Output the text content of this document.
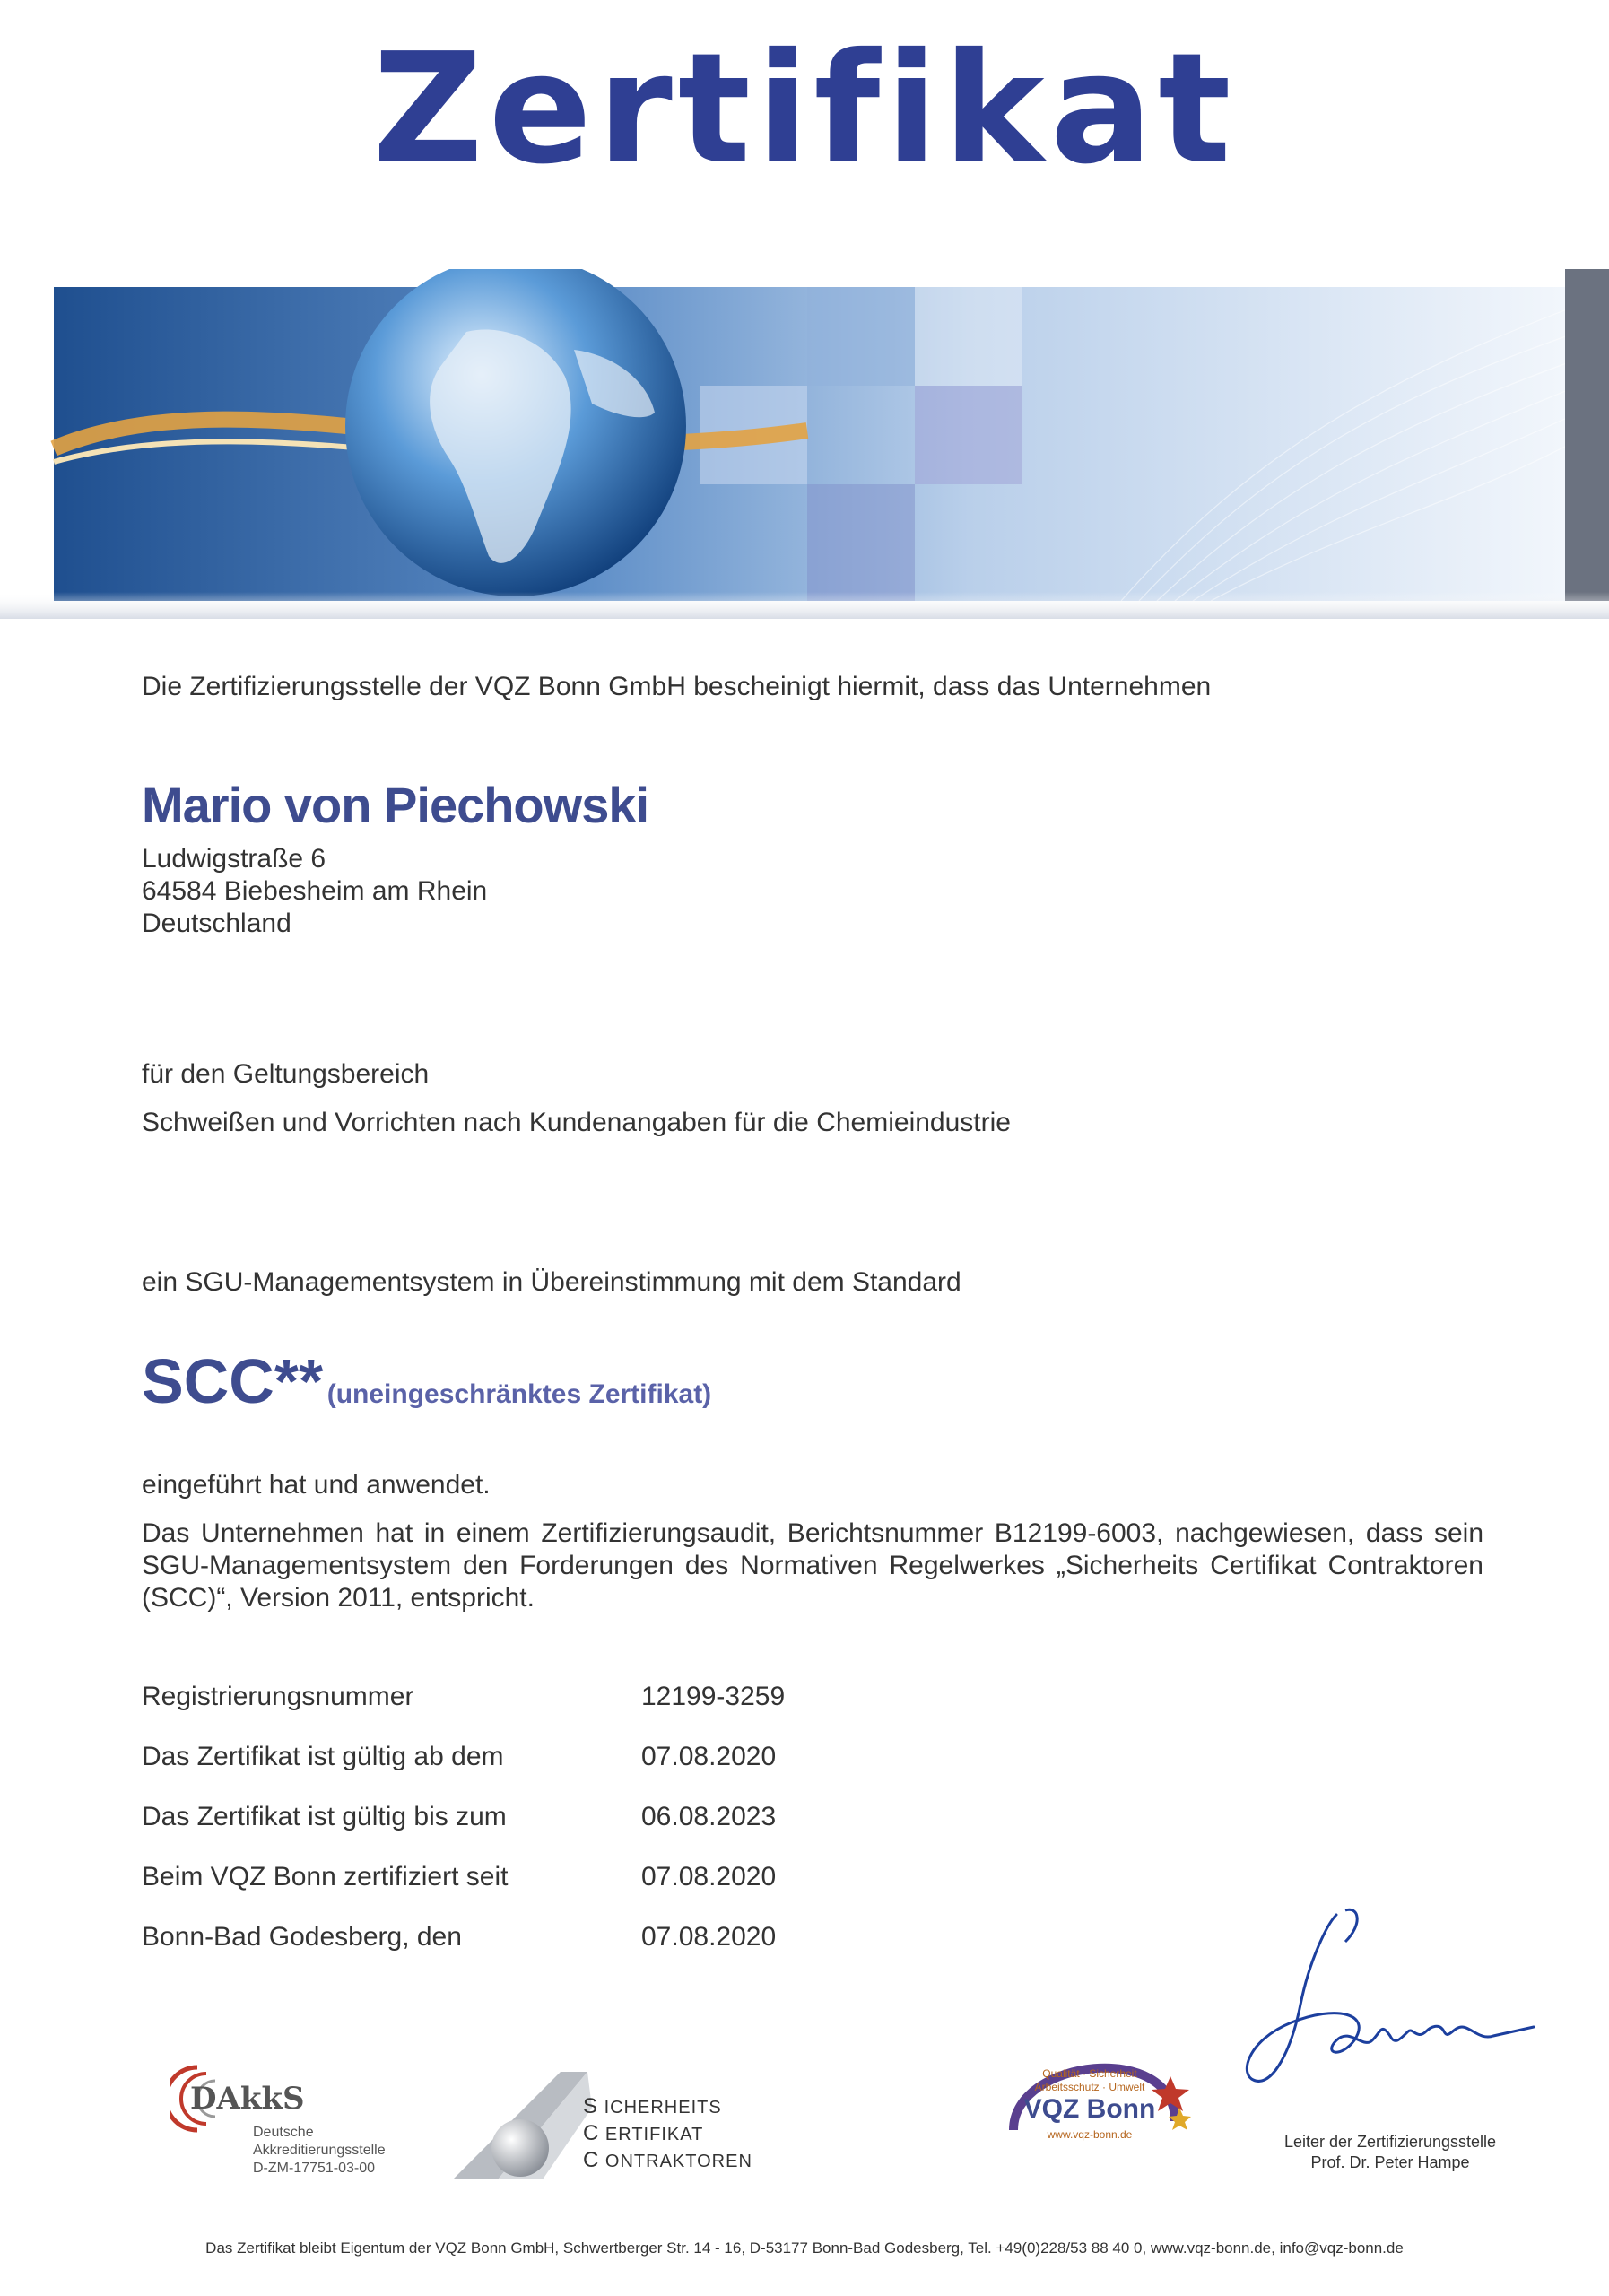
Zertifikat
Die Zertifizierungsstelle der VQZ Bonn GmbH bescheinigt hiermit, dass das Unternehmen
Mario von Piechowski
Ludwigstraße 6
64584 Biebesheim am Rhein
Deutschland
für den Geltungsbereich
Schweißen und Vorrichten nach Kundenangaben für die Chemieindustrie
ein SGU-Managementsystem in Übereinstimmung mit dem Standard
SCC** (uneingeschränktes Zertifikat)
eingeführt hat und anwendet.
Das Unternehmen hat in einem Zertifizierungsaudit, Berichtsnummer B12199-6003, nachgewiesen, dass sein SGU-Managementsystem den Forderungen des Normativen Regelwerkes „Sicherheits Certifikat Contraktoren (SCC)“, Version 2011, entspricht.
Registrierungsnummer	12199-3259
Das Zertifikat ist gültig ab dem	07.08.2020
Das Zertifikat ist gültig bis zum	06.08.2023
Beim VQZ Bonn zertifiziert seit	07.08.2020
Bonn-Bad Godesberg, den	07.08.2020
DAkkS
Deutsche
Akkreditierungsstelle
D-ZM-17751-03-00
S ICHERHEITS
C ERTIFIKAT
C ONTRAKTOREN
Qualität · Sicherheit
Arbeitsschutz · Umwelt
VQZ Bonn
www.vqz-bonn.de	Leiter der Zertifizierungsstelle
Prof. Dr. Peter Hampe
Das Zertifikat bleibt Eigentum der VQZ Bonn GmbH, Schwertberger Str. 14 - 16, D-53177 Bonn-Bad Godesberg, Tel. +49(0)228/53 88 40 0, www.vqz-bonn.de, info@vqz-bonn.de
